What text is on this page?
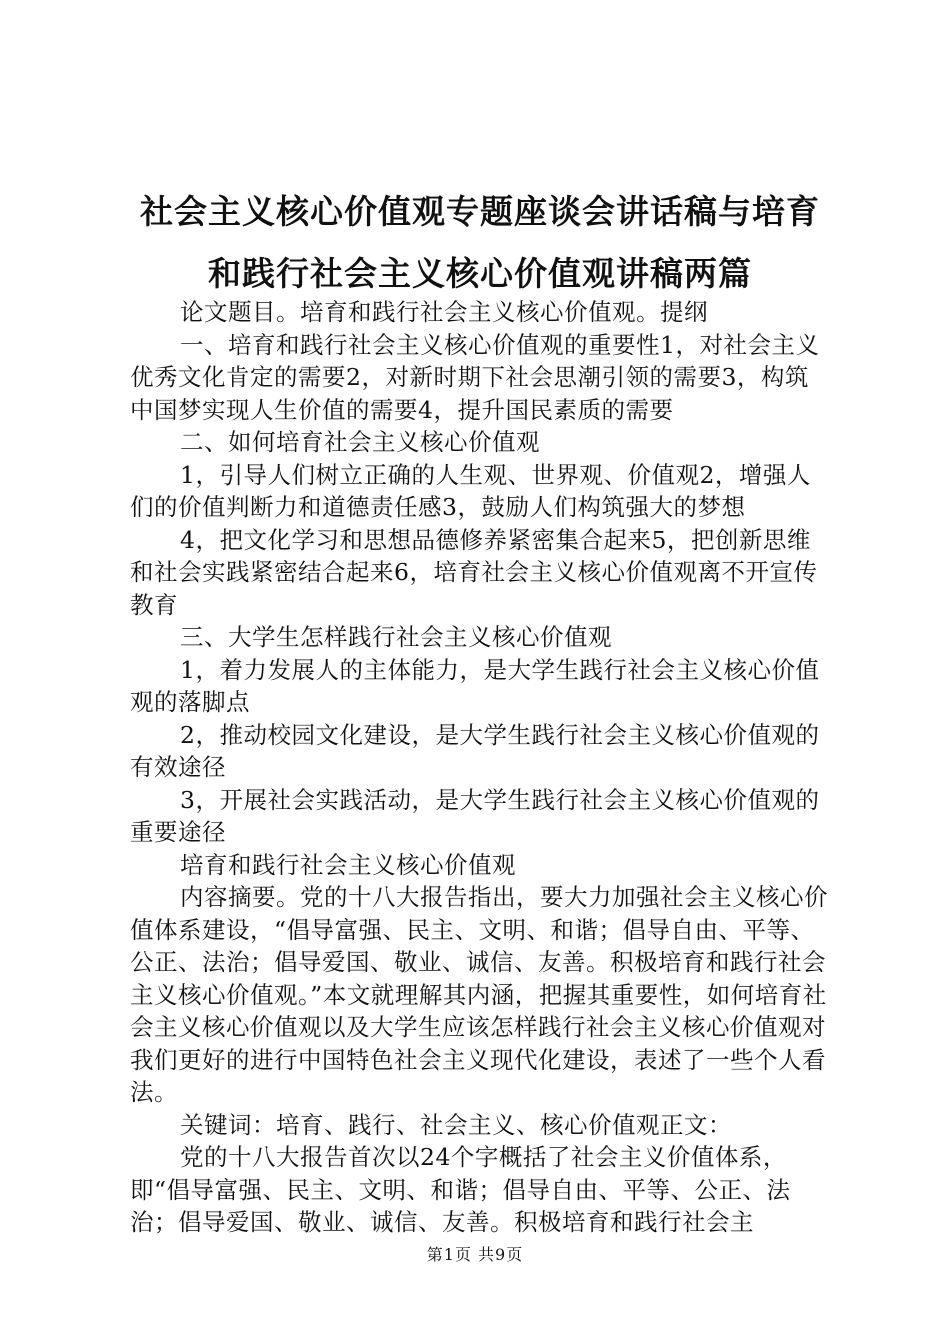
社会主义核心价值观专题座谈会讲话稿与培育
和践行社会主义核心价值观讲稿两篇

论文题目。培育和践行社会主义核心价值观。提纲

一、培育和践行社会主义核心价值观的重要性1，对社会主义优秀文化肯定的需要2，对新时期下社会思潮引领的需要3，构筑中国梦实现人生价值的需要4，提升国民素质的需要

二、如何培育社会主义核心价值观

1，引导人们树立正确的人生观、世界观、价值观2，增强人们的价值判断力和道德责任感3，鼓励人们构筑强大的梦想

4，把文化学习和思想品德修养紧密集合起来5，把创新思维和社会实践紧密结合起来6，培育社会主义核心价值观离不开宣传教育

三、大学生怎样践行社会主义核心价值观

1，着力发展人的主体能力，是大学生践行社会主义核心价值观的落脚点

2，推动校园文化建设，是大学生践行社会主义核心价值观的有效途径

3，开展社会实践活动，是大学生践行社会主义核心价值观的重要途径

培育和践行社会主义核心价值观

内容摘要。党的十八大报告指出，要大力加强社会主义核心价值体系建设，“倡导富强、民主、文明、和谐；倡导自由、平等、公正、法治；倡导爱国、敬业、诚信、友善。积极培育和践行社会主义核心价值观。”本文就理解其内涵，把握其重要性，如何培育社会主义核心价值观以及大学生应该怎样践行社会主义核心价值观对我们更好的进行中国特色社会主义现代化建设，表述了一些个人看法。

关键词：培育、践行、社会主义、核心价值观正文：

党的十八大报告首次以24个字概括了社会主义价值体系，即“倡导富强、民主、文明、和谐；倡导自由、平等、公正、法治；倡导爱国、敬业、诚信、友善。积极培育和践行社会主

第1页 共9页
